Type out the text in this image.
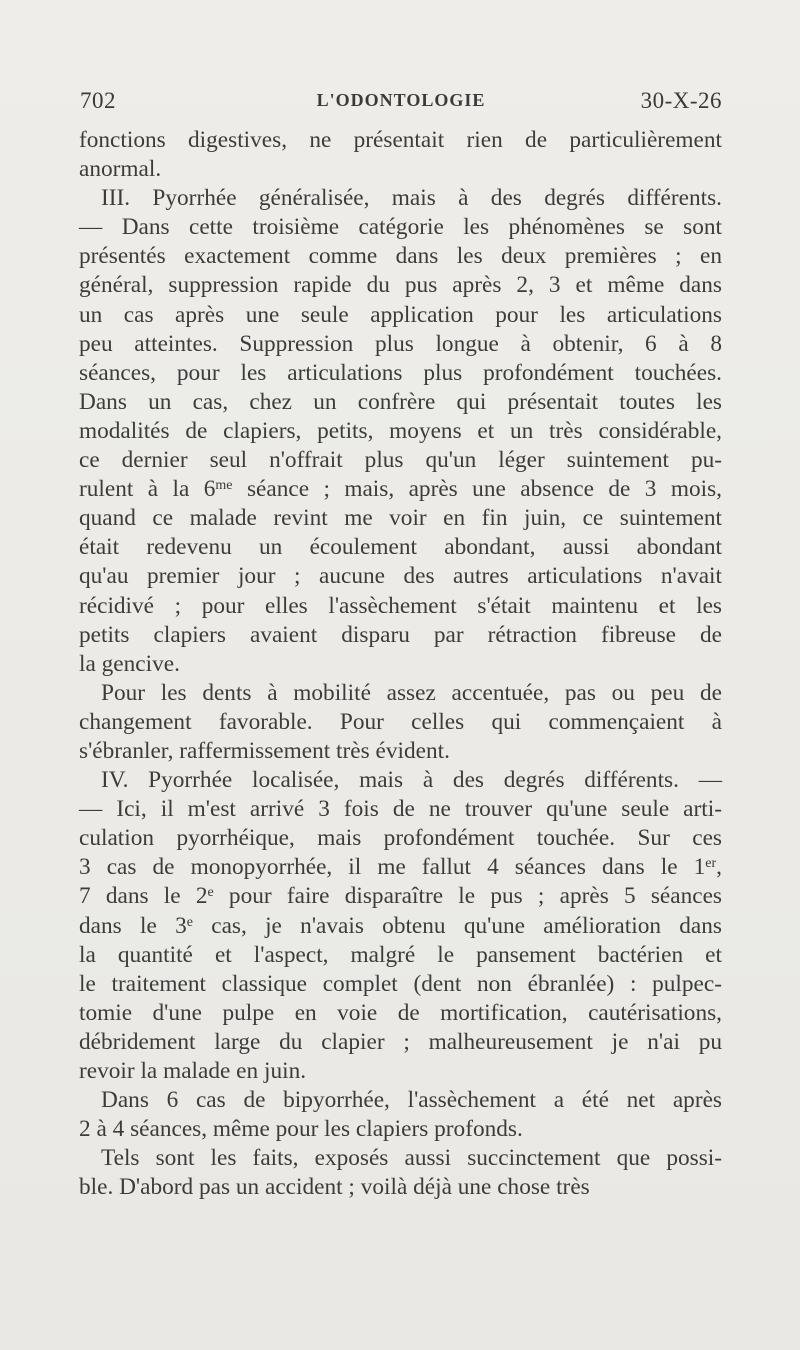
702	L'ODONTOLOGIE	30-X-26
fonctions digestives, ne présentait rien de particulièrement
anormal.
III. Pyorrhée généralisée, mais à des degrés différents.
— Dans cette troisième catégorie les phénomènes se sont
présentés exactement comme dans les deux premières ; en
général, suppression rapide du pus après 2, 3 et même dans
un cas après une seule application pour les articulations
peu atteintes. Suppression plus longue à obtenir, 6 à 8
séances, pour les articulations plus profondément touchées.
Dans un cas, chez un confrère qui présentait toutes les
modalités de clapiers, petits, moyens et un très considérable,
ce dernier seul n'offrait plus qu'un léger suintement pu-
rulent à la $6^{me}$ séance ; mais, après une absence de 3 mois,
quand ce malade revint me voir en fin juin, ce suintement
était redevenu un écoulement abondant, aussi abondant
qu'au premier jour ; aucune des autres articulations n'avait
récidivé ; pour elles l'assèchement s'était maintenu et les
petits clapiers avaient disparu par rétraction fibreuse de
la gencive.
Pour les dents à mobilité assez accentuée, pas ou peu de
changement favorable. Pour celles qui commençaient à
s'ébranler, raffermissement très évident.
IV. Pyorrhée localisée, mais à des degrés différents. —
— Ici, il m'est arrivé 3 fois de ne trouver qu'une seule arti-
culation pyorrhéique, mais profondément touchée. Sur ces
3 cas de monopyorrhée, il me fallut 4 séances dans le 1er,
7 dans le 2e pour faire disparaître le pus ; après 5 séances
dans le 3e cas, je n'avais obtenu qu'une amélioration dans
la quantité et l'aspect, malgré le pansement bactérien et
le traitement classique complet (dent non ébranlée) : pulpec-
tomie d'une pulpe en voie de mortification, cautérisations,
débridement large du clapier ; malheureusement je n'ai pu
revoir la malade en juin.
Dans 6 cas de bipyorrhée, l'assèchement a été net après
2 à 4 séances, même pour les clapiers profonds.
Tels sont les faits, exposés aussi succinctement que possi-
ble. D'abord pas un accident ; voilà déjà une chose très
